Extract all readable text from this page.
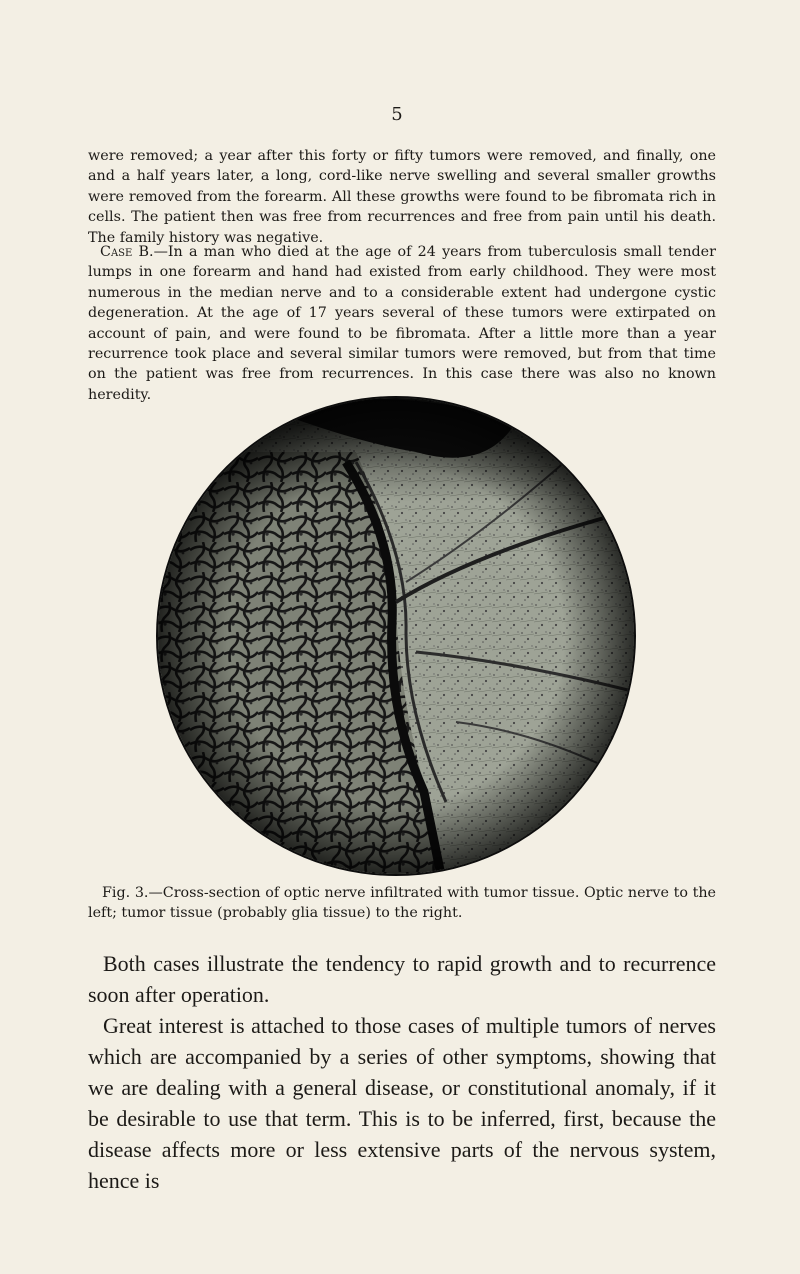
5

were removed; a year after this forty or fifty tumors were removed, and finally, one and a half years later, a long, cord-like nerve swelling and several smaller growths were removed from the forearm. All these growths were found to be fibromata rich in cells. The patient then was free from recurrences and free from pain until his death. The family history was negative.

Case B.—In a man who died at the age of 24 years from tuberculosis small tender lumps in one forearm and hand had existed from early childhood. They were most numerous in the median nerve and to a considerable extent had undergone cystic degeneration. At the age of 17 years several of these tumors were extirpated on account of pain, and were found to be fibromata. After a little more than a year recurrence took place and several similar tumors were removed, but from that time on the patient was free from recurrences. In this case there was also no known heredity.

Fig. 3.—Cross-section of optic nerve infiltrated with tumor tissue. Optic nerve to the left; tumor tissue (probably glia tissue) to the right.

Both cases illustrate the tendency to rapid growth and to recurrence soon after operation.

Great interest is attached to those cases of multiple tumors of nerves which are accompanied by a series of other symptoms, showing that we are dealing with a general disease, or constitutional anomaly, if it be desirable to use that term. This is to be inferred, first, because the disease affects more or less extensive parts of the nervous system, hence is
